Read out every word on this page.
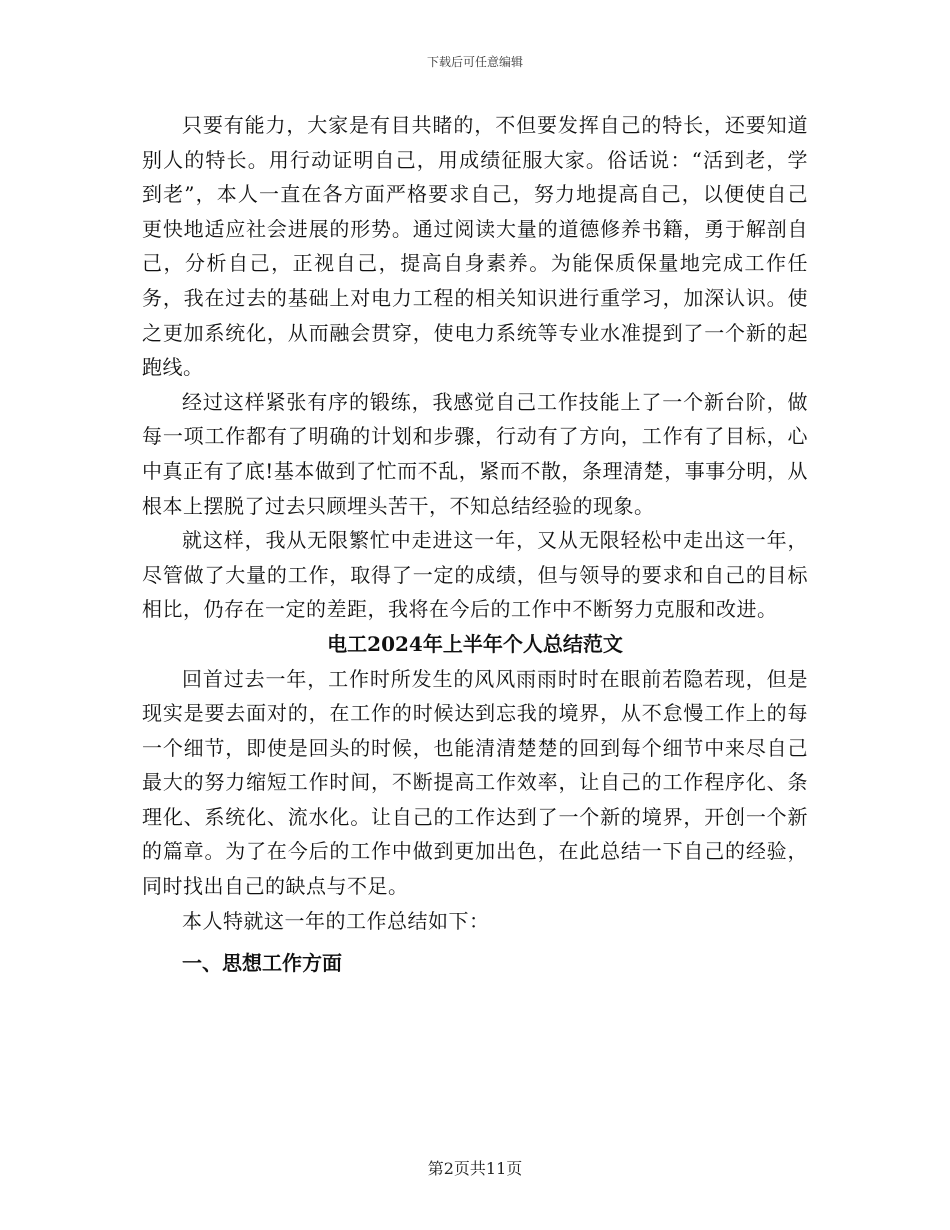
下载后可任意编辑

只要有能力，大家是有目共睹的，不但要发挥自己的特长，还要知道别人的特长。用行动证明自己，用成绩征服大家。俗话说：“活到老，学到老”，本人一直在各方面严格要求自己，努力地提高自己，以便使自己更快地适应社会进展的形势。通过阅读大量的道德修养书籍，勇于解剖自己，分析自己，正视自己，提高自身素养。为能保质保量地完成工作任务，我在过去的基础上对电力工程的相关知识进行重学习，加深认识。使之更加系统化，从而融会贯穿，使电力系统等专业水准提到了一个新的起跑线。

经过这样紧张有序的锻练，我感觉自己工作技能上了一个新台阶，做每一项工作都有了明确的计划和步骤，行动有了方向，工作有了目标，心中真正有了底!基本做到了忙而不乱，紧而不散，条理清楚，事事分明，从根本上摆脱了过去只顾埋头苦干，不知总结经验的现象。

就这样，我从无限繁忙中走进这一年，又从无限轻松中走出这一年，尽管做了大量的工作，取得了一定的成绩，但与领导的要求和自己的目标相比，仍存在一定的差距，我将在今后的工作中不断努力克服和改进。

电工2024年上半年个人总结范文

回首过去一年，工作时所发生的风风雨雨时时在眼前若隐若现，但是现实是要去面对的，在工作的时候达到忘我的境界，从不怠慢工作上的每一个细节，即使是回头的时候，也能清清楚楚的回到每个细节中来尽自己最大的努力缩短工作时间，不断提高工作效率，让自己的工作程序化、条理化、系统化、流水化。让自己的工作达到了一个新的境界，开创一个新的篇章。为了在今后的工作中做到更加出色，在此总结一下自己的经验，同时找出自己的缺点与不足。

本人特就这一年的工作总结如下：

一、思想工作方面

第2页共11页
